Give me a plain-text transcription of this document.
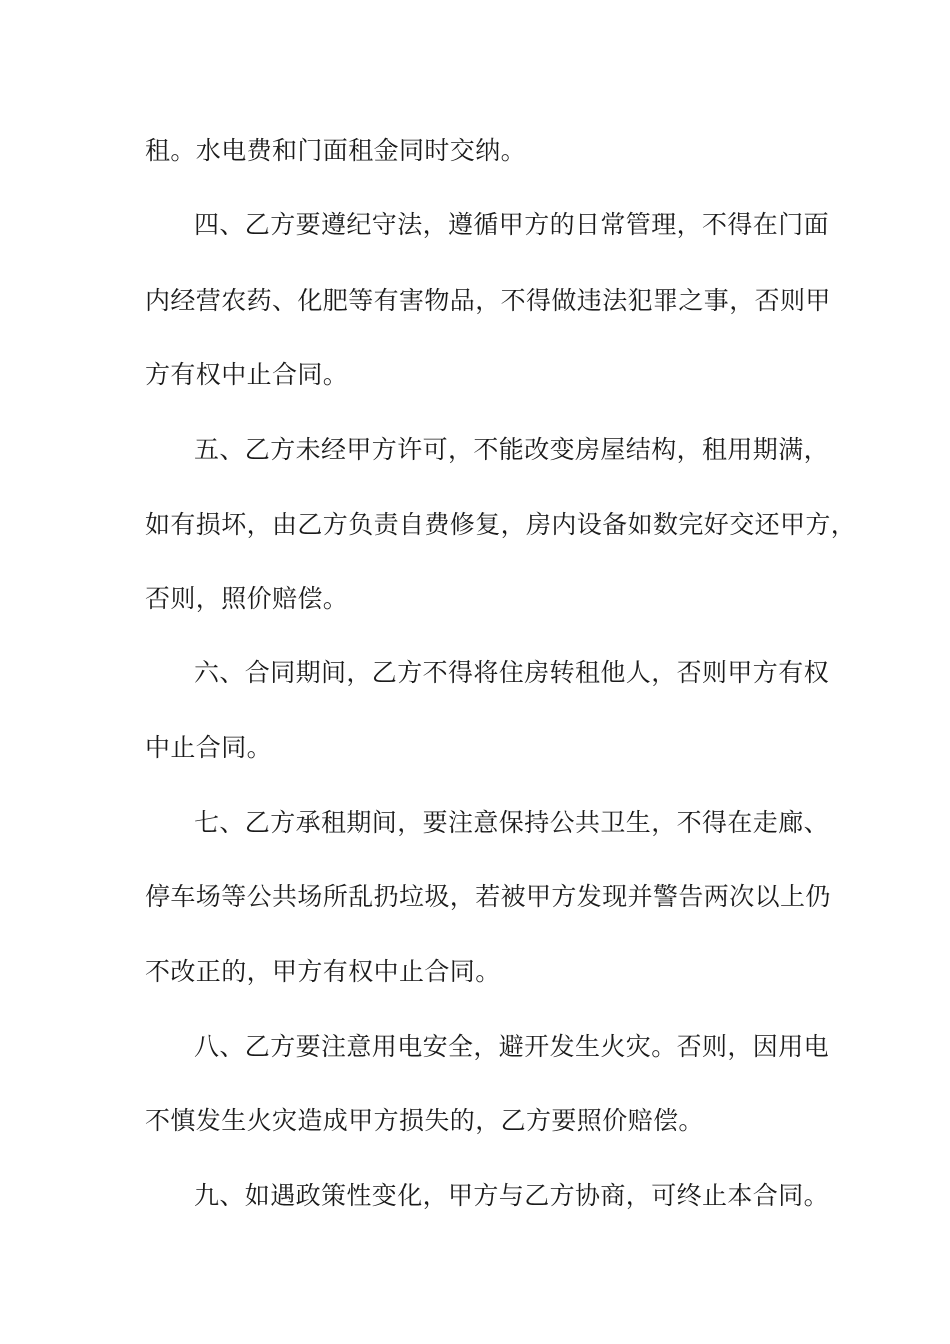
租。水电费和门面租金同时交纳。

四、乙方要遵纪守法，遵循甲方的日常管理，不得在门面

内经营农药、化肥等有害物品，不得做违法犯罪之事，否则甲

方有权中止合同。

五、乙方未经甲方许可，不能改变房屋结构，租用期满，

如有损坏，由乙方负责自费修复，房内设备如数完好交还甲方，

否则，照价赔偿。

六、合同期间，乙方不得将住房转租他人，否则甲方有权

中止合同。

七、乙方承租期间，要注意保持公共卫生，不得在走廊、

停车场等公共场所乱扔垃圾，若被甲方发现并警告两次以上仍

不改正的，甲方有权中止合同。

八、乙方要注意用电安全，避开发生火灾。否则，因用电

不慎发生火灾造成甲方损失的，乙方要照价赔偿。

九、如遇政策性变化，甲方与乙方协商，可终止本合同。
